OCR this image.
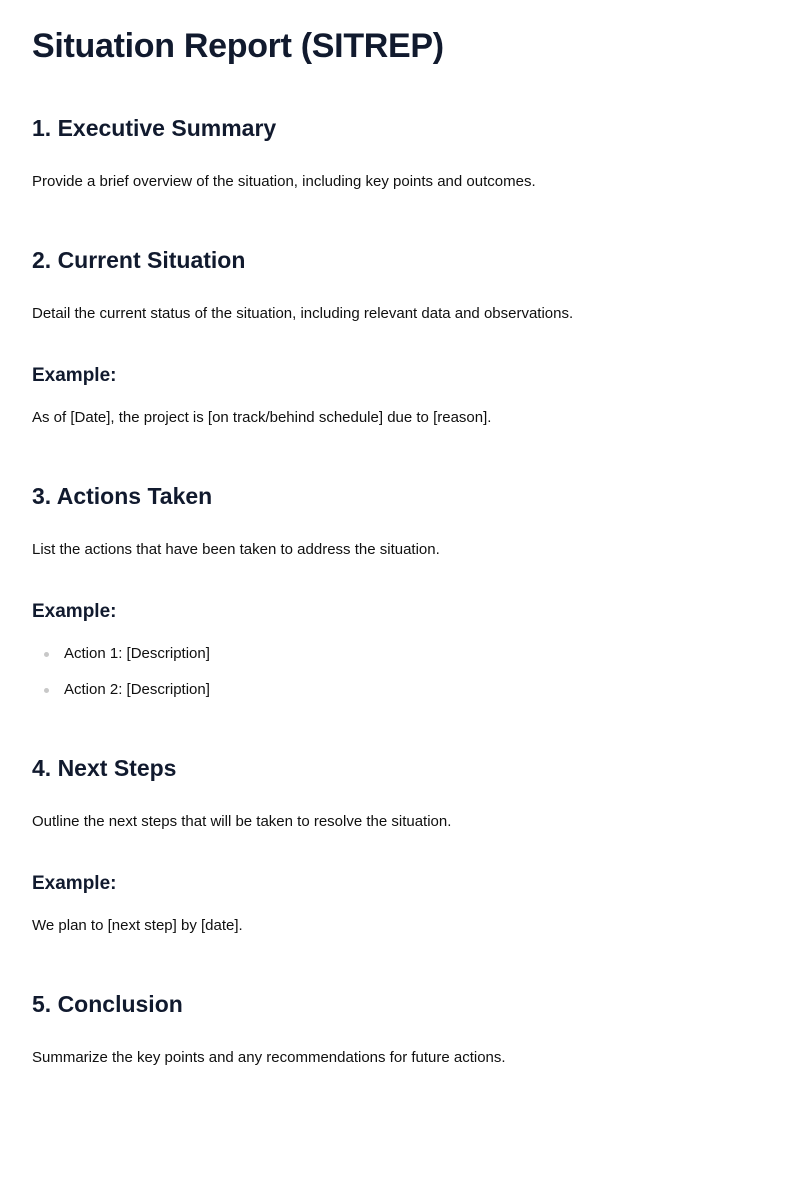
Situation Report (SITREP)
1. Executive Summary

Provide a brief overview of the situation, including key points and outcomes.

2. Current Situation

Detail the current status of the situation, including relevant data and observations.

Example:

As of [Date], the project is [on track/behind schedule] due to [reason].

3. Actions Taken

List the actions that have been taken to address the situation.

Example:
Action 1: [Description]
Action 2: [Description]
4. Next Steps

Outline the next steps that will be taken to resolve the situation.

Example:

We plan to [next step] by [date].

5. Conclusion

Summarize the key points and any recommendations for future actions.
